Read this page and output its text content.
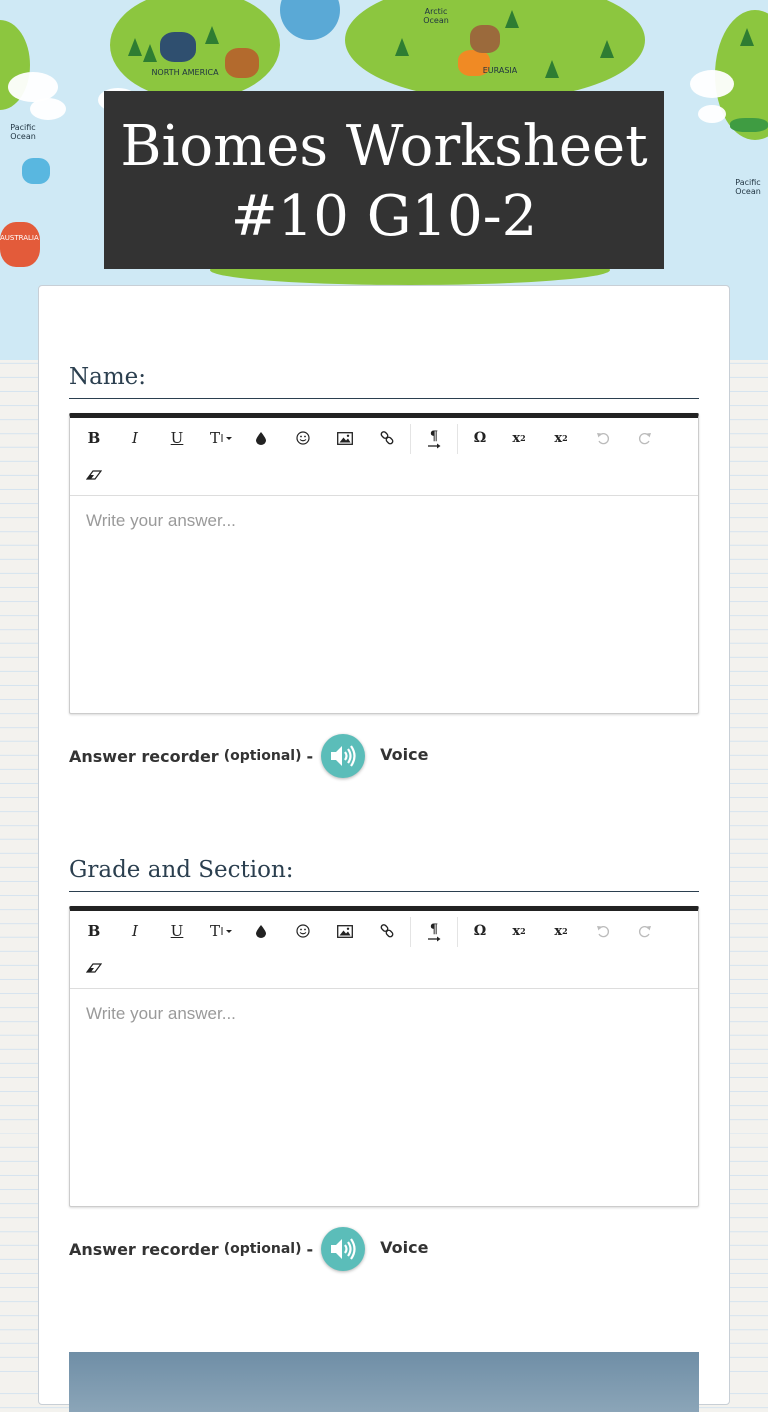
Arctic Ocean
NORTH AMERICA	EURASIA
Pacific Ocean
Pacific Ocean
AUSTRALIA
Biomes Worksheet #10 G10-2
Name:
B	I	U	T	¶	Ω	x 2 x 2
Write your answer...
Answer recorder (optional) -	Voice
Grade and Section:
B	I	U	T	¶	Ω	x 2 x 2
Write your answer...
Answer recorder (optional) -	Voice
